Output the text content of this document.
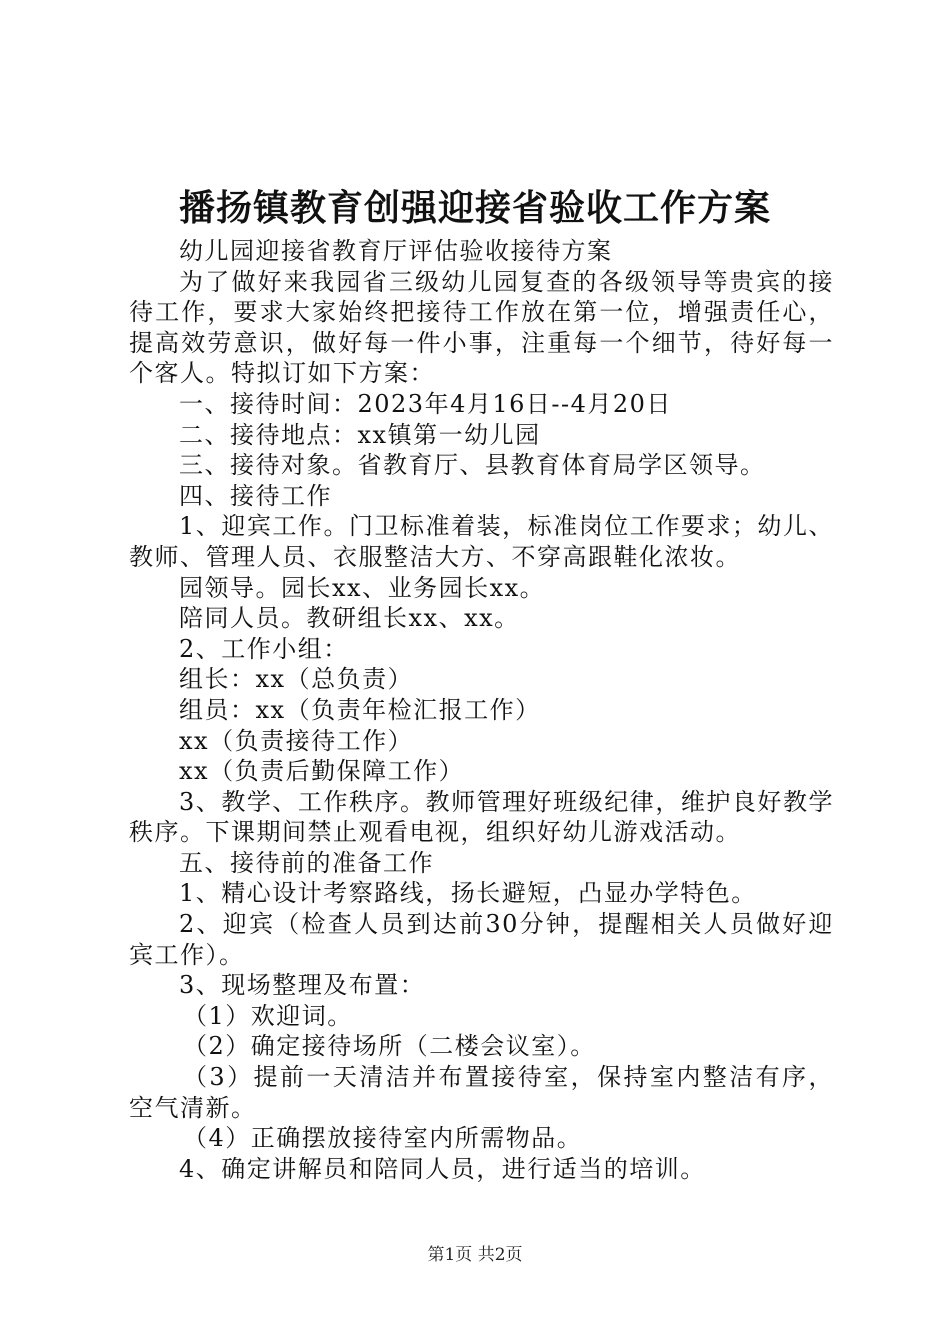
播扬镇教育创强迎接省验收工作方案

幼儿园迎接省教育厅评估验收接待方案

为了做好来我园省三级幼儿园复查的各级领导等贵宾的接待工作，要求大家始终把接待工作放在第一位，增强责任心，提高效劳意识，做好每一件小事，注重每一个细节，待好每一个客人。特拟订如下方案：

一、接待时间：2023年4月16日--4月20日

二、接待地点：xx镇第一幼儿园

三、接待对象。省教育厅、县教育体育局学区领导。

四、接待工作

1、迎宾工作。门卫标准着装，标准岗位工作要求；幼儿、教师、管理人员、衣服整洁大方、不穿高跟鞋化浓妆。

园领导。园长xx、业务园长xx。

陪同人员。教研组长xx、xx。

2、工作小组：

组长：xx（总负责）

组员：xx（负责年检汇报工作）

xx（负责接待工作）

xx（负责后勤保障工作）

3、教学、工作秩序。教师管理好班级纪律，维护良好教学秩序。下课期间禁止观看电视，组织好幼儿游戏活动。

五、接待前的准备工作

1、精心设计考察路线，扬长避短，凸显办学特色。

2、迎宾（检查人员到达前30分钟，提醒相关人员做好迎宾工作）。

3、现场整理及布置：

（1）欢迎词。

（2）确定接待场所（二楼会议室）。

（3）提前一天清洁并布置接待室，保持室内整洁有序，空气清新。

（4）正确摆放接待室内所需物品。

4、确定讲解员和陪同人员，进行适当的培训。

第1页 共2页
